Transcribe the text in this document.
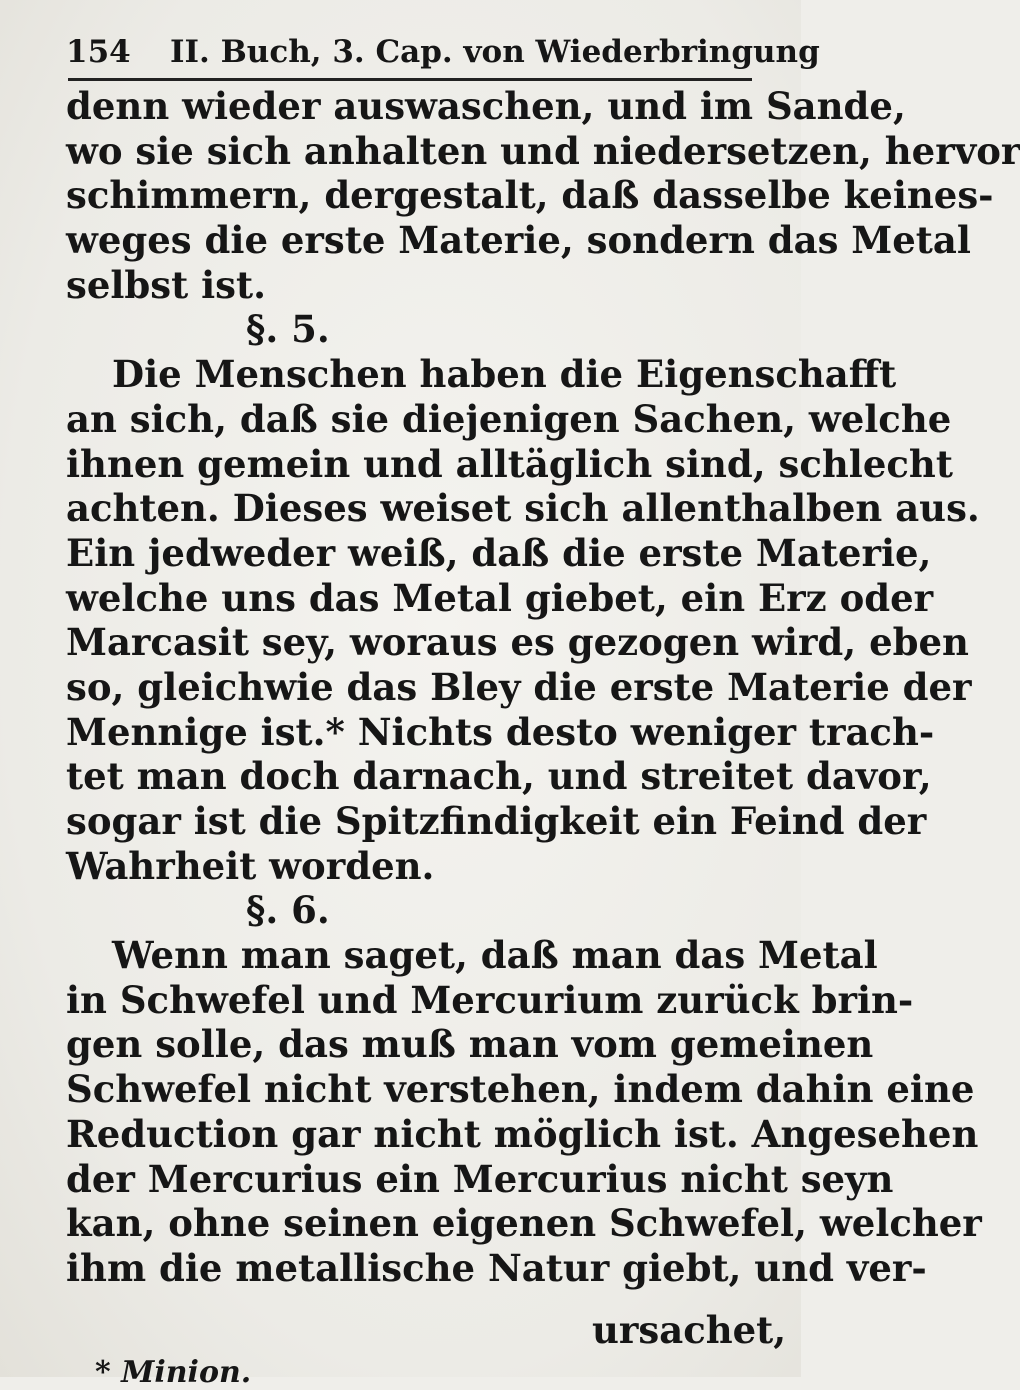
154 II. Buch, 3. Cap. von Wiederbringung
denn wieder auswaschen, und im Sande,
wo sie sich anhalten und niedersetzen, hervor
schimmern, dergestalt, daß dasselbe keines-
weges die erste Materie, sondern das Metal
selbst ist.
§. 5.
Die Menschen haben die Eigenschafft
an sich, daß sie diejenigen Sachen, welche
ihnen gemein und alltäglich sind, schlecht
achten. Dieses weiset sich allenthalben aus.
Ein jedweder weiß, daß die erste Materie,
welche uns das Metal giebet, ein Erz oder
Marcasit sey, woraus es gezogen wird, eben
so, gleichwie das Bley die erste Materie der
Mennige ist.* Nichts desto weniger trach-
tet man doch darnach, und streitet davor,
sogar ist die Spitzfindigkeit ein Feind der
Wahrheit worden.
§. 6.
Wenn man saget, daß man das Metal
in Schwefel und Mercurium zurück brin-
gen solle, das muß man vom gemeinen
Schwefel nicht verstehen, indem dahin eine
Reduction gar nicht möglich ist. Angesehen
der Mercurius ein Mercurius nicht seyn
kan, ohne seinen eigenen Schwefel, welcher
ihm die metallische Natur giebt, und ver-
ursachet,
* Minion.
